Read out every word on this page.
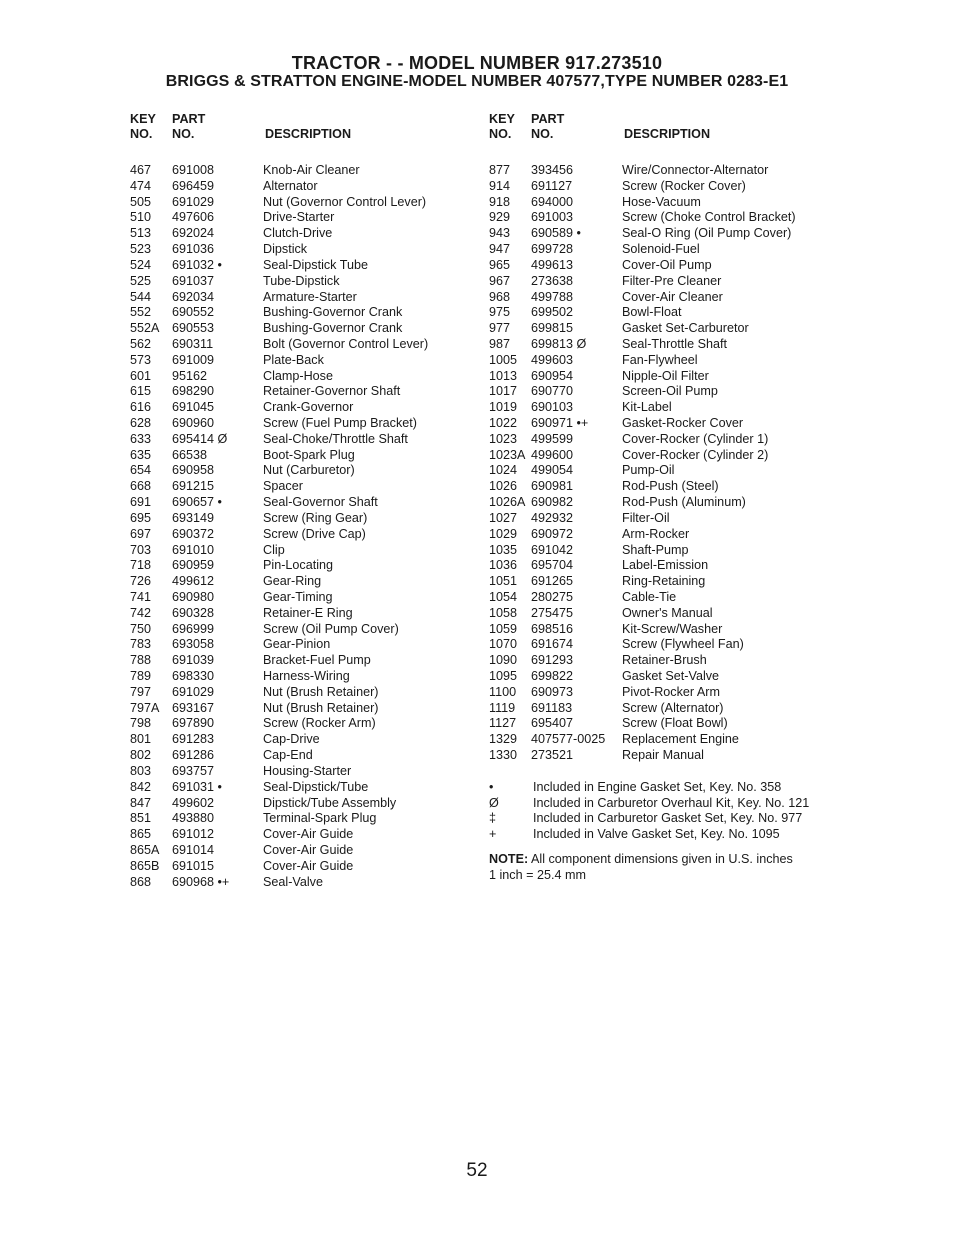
TRACTOR - - MODEL NUMBER 917.273510
BRIGGS & STRATTON ENGINE-MODEL NUMBER 407577,TYPE NUMBER 0283-E1
KEY PART
NO. NO.	DESCRIPTION
467 691008	Knob-Air Cleaner
474 696459	Alternator
505 691029	Nut (Governor Control Lever)
510 497606	Drive-Starter
513 692024	Clutch-Drive
523 691036	Dipstick
524 691032 •	Seal-Dipstick Tube
525 691037	Tube-Dipstick
544 692034	Armature-Starter
552 690552	Bushing-Governor Crank
552A 690553	Bushing-Governor Crank
562 690311	Bolt (Governor Control Lever)
573 691009	Plate-Back
601 95162	Clamp-Hose
615 698290	Retainer-Governor Shaft
616 691045	Crank-Governor
628 690960	Screw (Fuel Pump Bracket)
633 695414 Ø	Seal-Choke/Throttle Shaft
635 66538	Boot-Spark Plug
654 690958	Nut (Carburetor)
668 691215	Spacer
691 690657 •	Seal-Governor Shaft
695 693149	Screw (Ring Gear)
697 690372	Screw (Drive Cap)
703 691010	Clip
718 690959	Pin-Locating
726 499612	Gear-Ring
741 690980	Gear-Timing
742 690328	Retainer-E Ring
750 696999	Screw (Oil Pump Cover)
783 693058	Gear-Pinion
788 691039	Bracket-Fuel Pump
789 698330	Harness-Wiring
797 691029	Nut (Brush Retainer)
797A 693167	Nut (Brush Retainer)
798 697890	Screw (Rocker Arm)
801 691283	Cap-Drive
802 691286	Cap-End
803 693757	Housing-Starter
842 691031 •	Seal-Dipstick/Tube
847 499602	Dipstick/Tube Assembly
851 493880	Terminal-Spark Plug
865 691012	Cover-Air Guide
865A 691014	Cover-Air Guide
865B 691015	Cover-Air Guide
868 690968 •+	Seal-Valve
KEY PART
NO. NO.	DESCRIPTION
877 393456	Wire/Connector-Alternator
914 691127	Screw (Rocker Cover)
918 694000	Hose-Vacuum
929 691003	Screw (Choke Control Bracket)
943 690589 •	Seal-O Ring (Oil Pump Cover)
947 699728	Solenoid-Fuel
965 499613	Cover-Oil Pump
967 273638	Filter-Pre Cleaner
968 499788	Cover-Air Cleaner
975 699502	Bowl-Float
977 699815	Gasket Set-Carburetor
987 699813 Ø	Seal-Throttle Shaft
1005 499603	Fan-Flywheel
1013 690954	Nipple-Oil Filter
1017 690770	Screen-Oil Pump
1019 690103	Kit-Label
1022 690971 •+	Gasket-Rocker Cover
1023 499599	Cover-Rocker (Cylinder 1)
1023A 499600	Cover-Rocker (Cylinder 2)
1024 499054	Pump-Oil
1026 690981	Rod-Push (Steel)
1026A 690982	Rod-Push (Aluminum)
1027 492932	Filter-Oil
1029 690972	Arm-Rocker
1035 691042	Shaft-Pump
1036 695704	Label-Emission
1051 691265	Ring-Retaining
1054 280275	Cable-Tie
1058 275475	Owner's Manual
1059 698516	Kit-Screw/Washer
1070 691674	Screw (Flywheel Fan)
1090 691293	Retainer-Brush
1095 699822	Gasket Set-Valve
1100 690973	Pivot-Rocker Arm
1119 691183	Screw (Alternator)
1127 695407	Screw (Float Bowl)
1329 407577-0025 Replacement Engine
1330 273521	Repair Manual
•	Included in Engine Gasket Set, Key. No. 358
Ø	Included in Carburetor Overhaul Kit, Key. No. 121
‡	Included in Carburetor Gasket Set, Key. No. 977
+	Included in Valve Gasket Set, Key. No. 1095
NOTE: All component dimensions given in U.S. inches
1 inch = 25.4 mm
52
